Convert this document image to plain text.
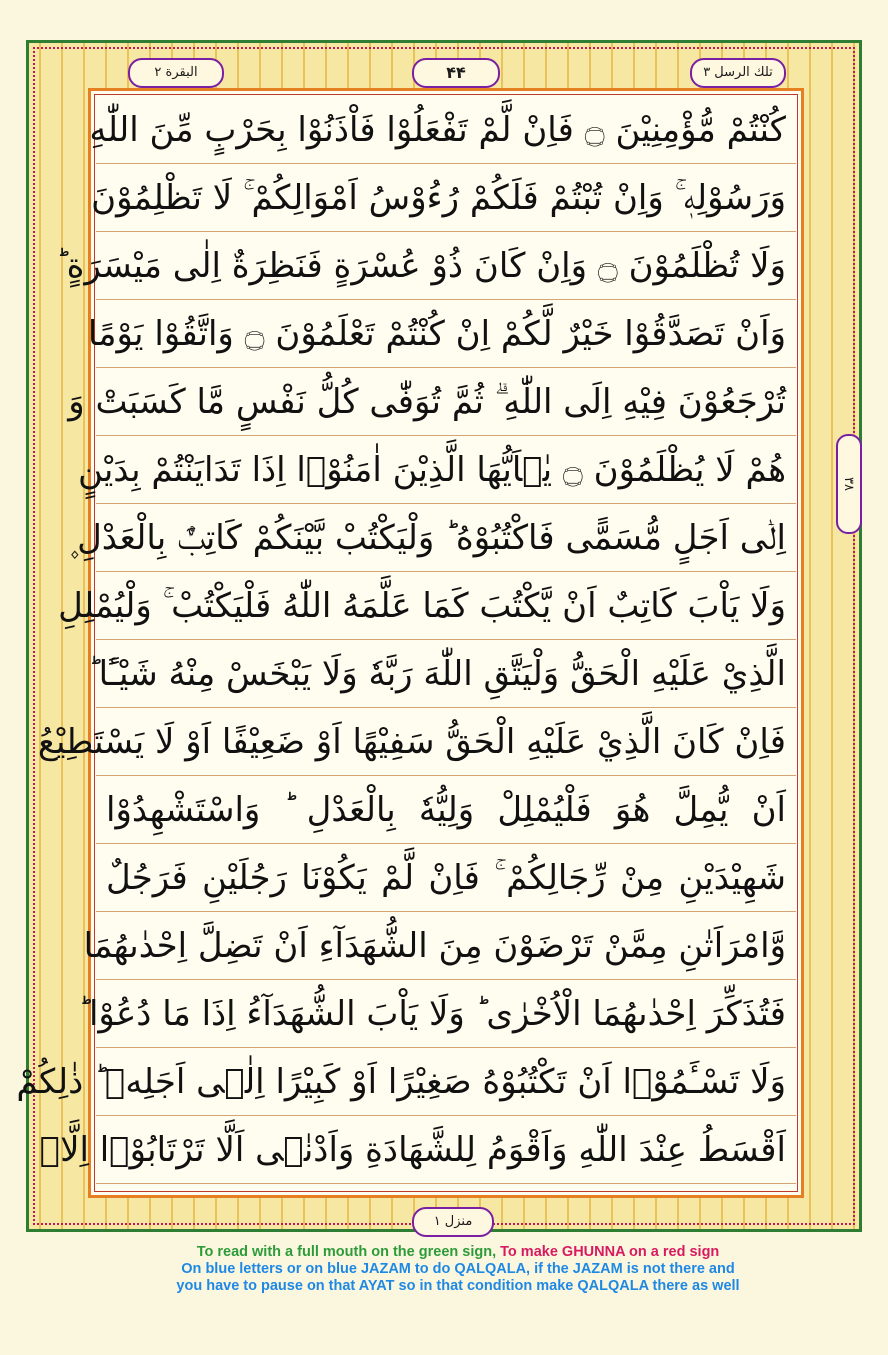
البقرة ۲	۴۴	تلك الرسل ۳
۳۸
كُنْتُمْ مُّؤْمِنِيْنَ ۝ فَاِنْ لَّمْ تَفْعَلُوْا فَاْذَنُوْا بِحَرْبٍ مِّنَ اللّٰهِ
وَرَسُوْلِهٖ ۚ وَاِنْ تُبْتُمْ فَلَكُمْ رُءُوْسُ اَمْوَالِكُمْ ۚ لَا تَظْلِمُوْنَ
وَلَا تُظْلَمُوْنَ ۝ وَاِنْ كَانَ ذُوْ عُسْرَةٍ فَنَظِرَةٌ اِلٰى مَيْسَرَةٍ ؕ
وَاَنْ تَصَدَّقُوْا خَيْرٌ لَّكُمْ اِنْ كُنْتُمْ تَعْلَمُوْنَ ۝ وَاتَّقُوْا يَوْمًا
تُرْجَعُوْنَ فِيْهِ اِلَى اللّٰهِ ۗ ثُمَّ تُوَفّٰى كُلُّ نَفْسٍ مَّا كَسَبَتْ وَ
هُمْ لَا يُظْلَمُوْنَ ۝ يٰۤاَيُّهَا الَّذِيْنَ اٰمَنُوْۤا اِذَا تَدَايَنْتُمْ بِدَيْنٍ
اِلٰۤى اَجَلٍ مُّسَمًّى فَاكْتُبُوْهُ ؕ وَلْيَكْتُبْ بَّيْنَكُمْ كَاتِبٌۢ بِالْعَدْلِ ۪
وَلَا يَاْبَ كَاتِبٌ اَنْ يَّكْتُبَ كَمَا عَلَّمَهُ اللّٰهُ فَلْيَكْتُبْ ۚ وَلْيُمْلِلِ
الَّذِيْ عَلَيْهِ الْحَقُّ وَلْيَتَّقِ اللّٰهَ رَبَّهٗ وَلَا يَبْخَسْ مِنْهُ شَيْـًٔا ؕ
فَاِنْ كَانَ الَّذِيْ عَلَيْهِ الْحَقُّ سَفِيْهًا اَوْ ضَعِيْفًا اَوْ لَا يَسْتَطِيْعُ
اَنْ يُّمِلَّ هُوَ فَلْيُمْلِلْ وَلِيُّهٗ بِالْعَدْلِ ؕ وَاسْتَشْهِدُوْا
شَهِيْدَيْنِ مِنْ رِّجَالِكُمْ ۚ فَاِنْ لَّمْ يَكُوْنَا رَجُلَيْنِ فَرَجُلٌ
وَّامْرَاَتٰنِ مِمَّنْ تَرْضَوْنَ مِنَ الشُّهَدَآءِ اَنْ تَضِلَّ اِحْدٰىهُمَا
فَتُذَكِّرَ اِحْدٰىهُمَا الْاُخْرٰى ؕ وَلَا يَاْبَ الشُّهَدَآءُ اِذَا مَا دُعُوْا ؕ
وَلَا تَسْـَٔمُوْۤا اَنْ تَكْتُبُوْهُ صَغِيْرًا اَوْ كَبِيْرًا اِلٰۤى اَجَلِهٖ ؕ ذٰلِكُمْ
اَقْسَطُ عِنْدَ اللّٰهِ وَاَقْوَمُ لِلشَّهَادَةِ وَاَدْنٰۤى اَلَّا تَرْتَابُوْۤا اِلَّاۤ
منزل ۱
To read with a full mouth on the green sign, To make GHUNNA on a red sign
On blue letters or on blue JAZAM to do QALQALA, if the JAZAM is not there and
you have to pause on that AYAT so in that condition make QALQALA there as well
